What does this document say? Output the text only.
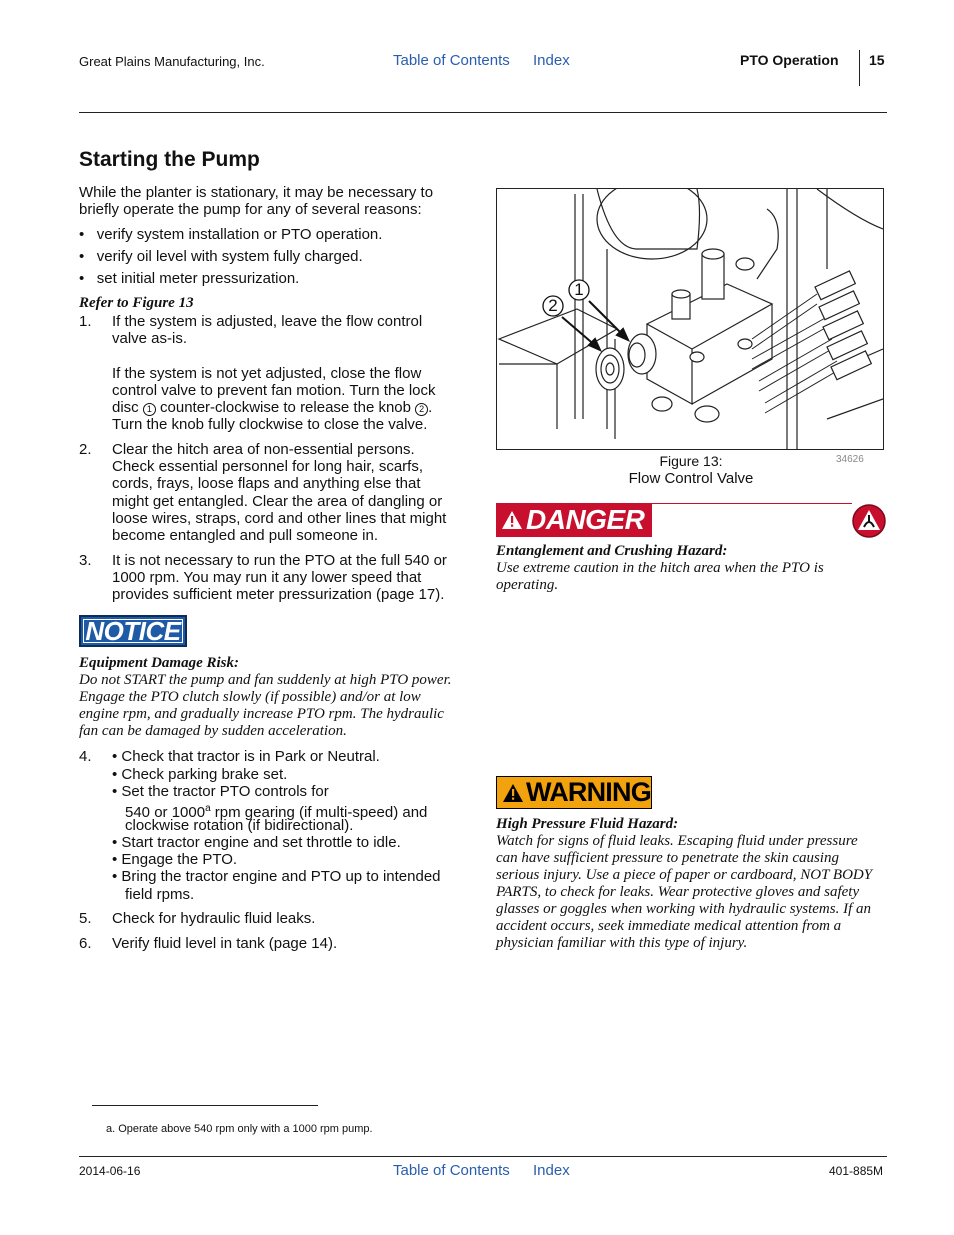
Great Plains Manufacturing, Inc.	Table of Contents Index	PTO Operation 15
Starting the Pump
While the planter is stationary, it may be necessary to
briefly operate the pump for any of several reasons:
•   verify system installation or PTO operation.
•   verify oil level with system fully charged.
•   set initial meter pressurization.
Refer to Figure 13
1. If the system is adjusted, leave the flow control
valve as-is.
If the system is not yet adjusted, close the flow
control valve to prevent fan motion. Turn the lock
disc 1 counter-clockwise to release the knob 2 .
Turn the knob fully clockwise to close the valve.
2. Clear the hitch area of non-essential persons.
Check essential personnel for long hair, scarfs,
cords, frays, loose flaps and anything else that
might get entangled. Clear the area of dangling or
loose wires, straps, cord and other lines that might
become entangled and pull someone in.
3. It is not necessary to run the PTO at the full 540 or
1000 rpm. You may run it any lower speed that
provides sufficient meter pressurization (page 17).
NOTICE
Equipment Damage Risk:
Do not START the pump and fan suddenly at high PTO power.
Engage the PTO clutch slowly (if possible) and/or at low
engine rpm, and gradually increase PTO rpm. The hydraulic
fan can be damaged by sudden acceleration.
4. • Check that tractor is in Park or Neutral.
• Check parking brake set.
• Set the tractor PTO controls for
540 or 1000$^a$ rpm gearing (if multi-speed) and
clockwise rotation (if bidirectional).
• Start tractor engine and set throttle to idle.
• Engage the PTO.
• Bring the tractor engine and PTO up to intended
field rpms.
5. Check for hydraulic fluid leaks.
6. Verify fluid level in tank (page 14).
1
2
Figure 13:
Flow Control Valve
34626
DANGER
Entanglement and Crushing Hazard:
Use extreme caution in the hitch area when the PTO is
operating.
WARNING
High Pressure Fluid Hazard:
Watch for signs of fluid leaks. Escaping fluid under pressure
can have sufficient pressure to penetrate the skin causing
serious injury. Use a piece of paper or cardboard, NOT BODY
PARTS, to check for leaks. Wear protective gloves and safety
glasses or goggles when working with hydraulic systems. If an
accident occurs, seek immediate medical attention from a
physician familiar with this type of injury.
a. Operate above 540 rpm only with a 1000 rpm pump.
2014-06-16	Table of Contents Index	401-885M
